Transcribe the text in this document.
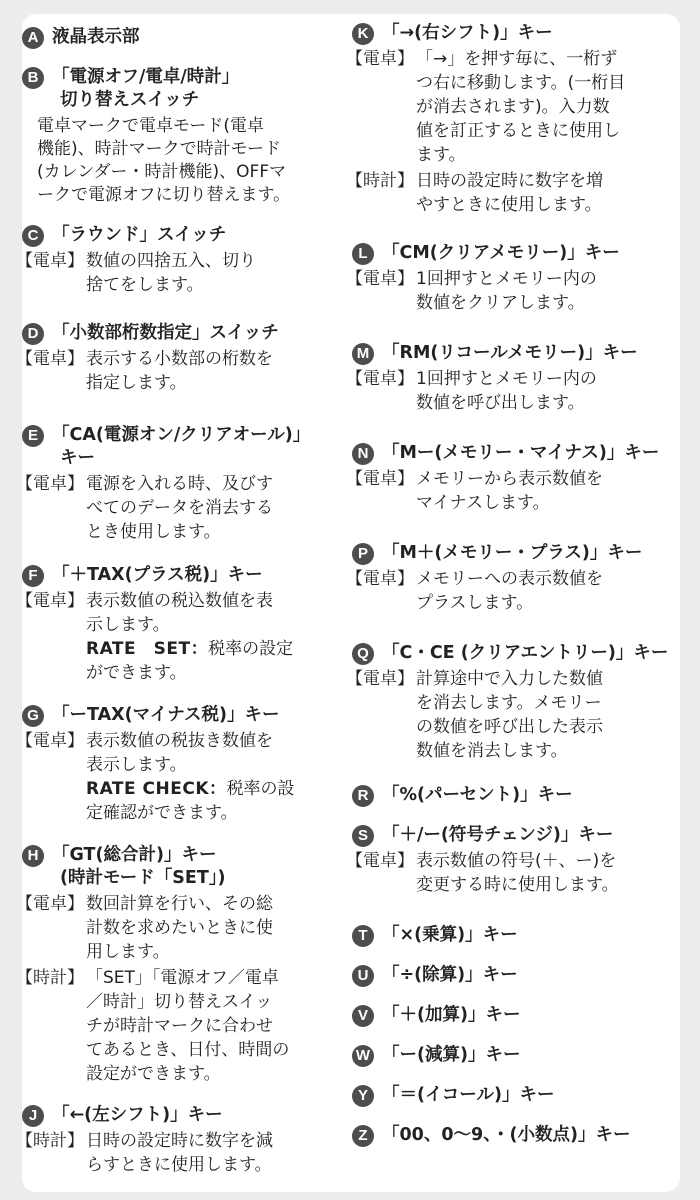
A 液晶表示部
B 「電源オフ/電卓/時計」
切り替えスイッチ
電卓マークで電卓モード(電卓
機能)、時計マークで時計モード
(カレンダー・時計機能)、OFFマ
ークで電源オフに切り替えます。
C 「ラウンド」スイッチ
【電卓】 数値の四捨五入、切り
捨てをします。
D 「小数部桁数指定」スイッチ
【電卓】 表示する小数部の桁数を
指定します。
E 「CA(電源オン/クリアオール)」
キー
【電卓】 電源を入れる時、及びす
べてのデータを消去する
とき使用します。
F 「＋TAX(プラス税)」キー
【電卓】 表示数値の税込数値を表
示します。
RATE　SET：税率の設定
ができます。
G 「ーTAX(マイナス税)」キー
【電卓】 表示数値の税抜き数値を
表示します。
RATE CHECK：税率の設
定確認ができます。
H 「GT(総合計)」キー
(時計モード「SET」)
【電卓】 数回計算を行い、その総
計数を求めたいときに使
用します。
【時計】 「SET」「電源オフ／電卓
／時計」切り替えスイッ
チが時計マークに合わせ
てあるとき、日付、時間の
設定ができます。
J 「←(左シフト)」キー
【時計】 日時の設定時に数字を減
らすときに使用します。
K 「→(右シフト)」キー
【電卓】 「→」を押す毎に、一桁ず
つ右に移動します。(一桁目
が消去されます)。入力数
値を訂正するときに使用し
ます。
【時計】 日時の設定時に数字を増
やすときに使用します。
L 「CM(クリアメモリー)」キー
【電卓】 1回押すとメモリー内の
数値をクリアします。
M 「RM(リコールメモリー)」キー
【電卓】 1回押すとメモリー内の
数値を呼び出します。
N 「Mー(メモリー・マイナス)」キー
【電卓】 メモリーから表示数値を
マイナスします。
P 「M＋(メモリー・プラス)」キー
【電卓】 メモリーへの表示数値を
プラスします。
Q 「C・CE (クリアエントリー)」キー
【電卓】 計算途中で入力した数値
を消去します。メモリー
の数値を呼び出した表示
数値を消去します。
R 「%(パーセント)」キー
S 「＋/ー(符号チェンジ)」キー
【電卓】 表示数値の符号(＋、ー)を
変更する時に使用します。
T 「×(乗算)」キー
U 「÷(除算)」キー
V 「＋(加算)」キー
W 「ー(減算)」キー
Y 「＝(イコール)」キー
Z 「00、0〜9、・(小数点)」キー
